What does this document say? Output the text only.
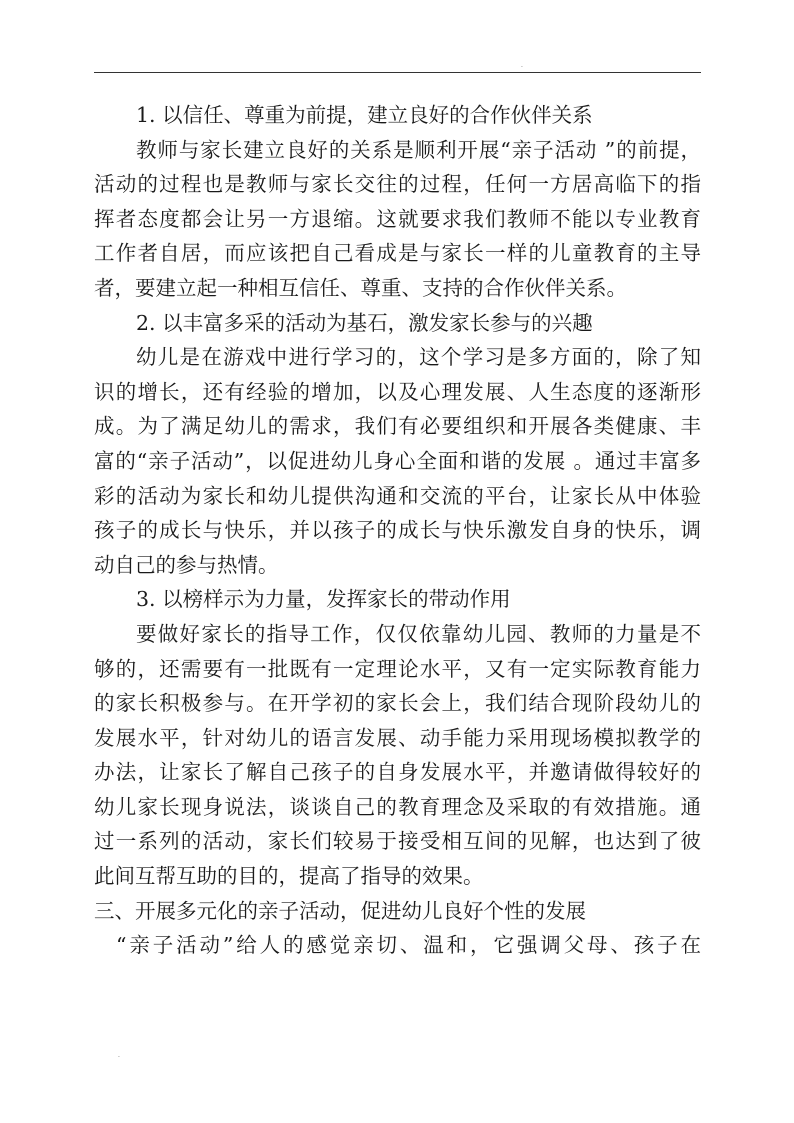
.
1. 以信任、尊重为前提，建立良好的合作伙伴关系
教师与家长建立良好的关系是顺利开展“亲子活动 ”的前提，
活动的过程也是教师与家长交往的过程，任何一方居高临下的指
挥者态度都会让另一方退缩。这就要求我们教师不能以专业教育
工作者自居，而应该把自己看成是与家长一样的儿童教育的主导
者，要建立起一种相互信任、尊重、支持的合作伙伴关系。
2. 以丰富多采的活动为基石，激发家长参与的兴趣
幼儿是在游戏中进行学习的，这个学习是多方面的，除了知
识的增长，还有经验的增加，以及心理发展、人生态度的逐渐形
成。为了满足幼儿的需求，我们有必要组织和开展各类健康、丰
富的“亲子活动”，以促进幼儿身心全面和谐的发展 。通过丰富多
彩的活动为家长和幼儿提供沟通和交流的平台，让家长从中体验
孩子的成长与快乐，并以孩子的成长与快乐激发自身的快乐，调
动自己的参与热情。
3. 以榜样示为力量，发挥家长的带动作用
要做好家长的指导工作，仅仅依靠幼儿园、教师的力量是不
够的，还需要有一批既有一定理论水平，又有一定实际教育能力
的家长积极参与。在开学初的家长会上，我们结合现阶段幼儿的
发展水平，针对幼儿的语言发展、动手能力采用现场模拟教学的
办法，让家长了解自己孩子的自身发展水平，并邀请做得较好的
幼儿家长现身说法，谈谈自己的教育理念及采取的有效措施。通
过一系列的活动，家长们较易于接受相互间的见解，也达到了彼
此间互帮互助的目的，提高了指导的效果。
三、开展多元化的亲子活动，促进幼儿良好个性的发展
“亲子活动”给人的感觉亲切、温和，它强调父母、孩子在
.
